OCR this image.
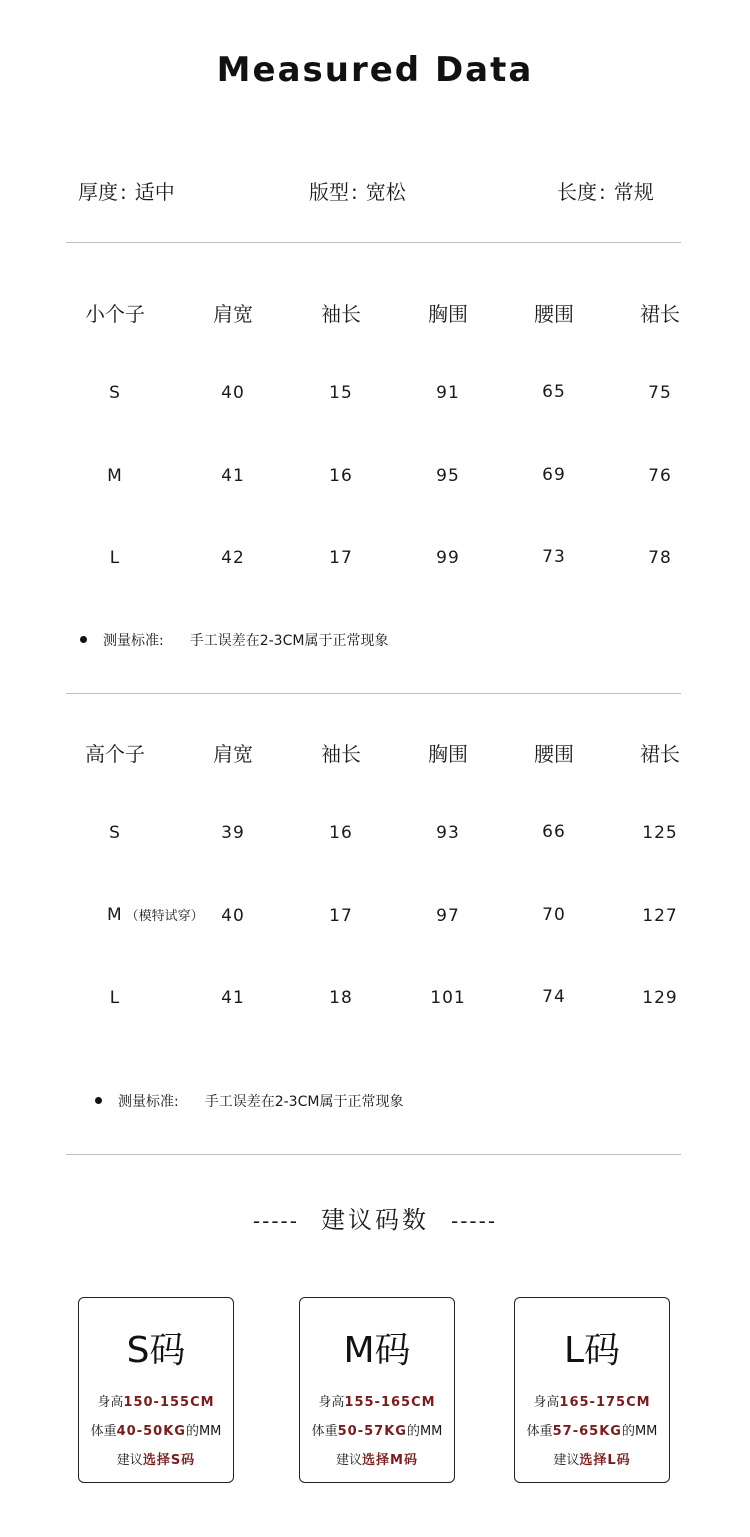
Measured Data
厚度 : 适中	版型 : 宽松	长度 : 常规
小个子	肩宽	袖长	胸围	腰围	裙长
S	40	15	91	65	75
M	41	16	95	69	76
L	42	17	99	73	78
测量标准: 手工误差在2-3CM属于正常现象
高个子	肩宽	袖长	胸围	腰围	裙长
S	39	16	93	66	125
M （模特试穿） 40	17	97	70	127
L	41	18	101	74	129
测量标准: 手工误差在2-3CM属于正常现象
----- 建议码数 -----
S码
身高150-155CM
体重40-50KG的MM
建议选择S码
M码
身高155-165CM
体重50-57KG的MM
建议选择M码
L码
身高165-175CM
体重57-65KG的MM
建议选择L码
